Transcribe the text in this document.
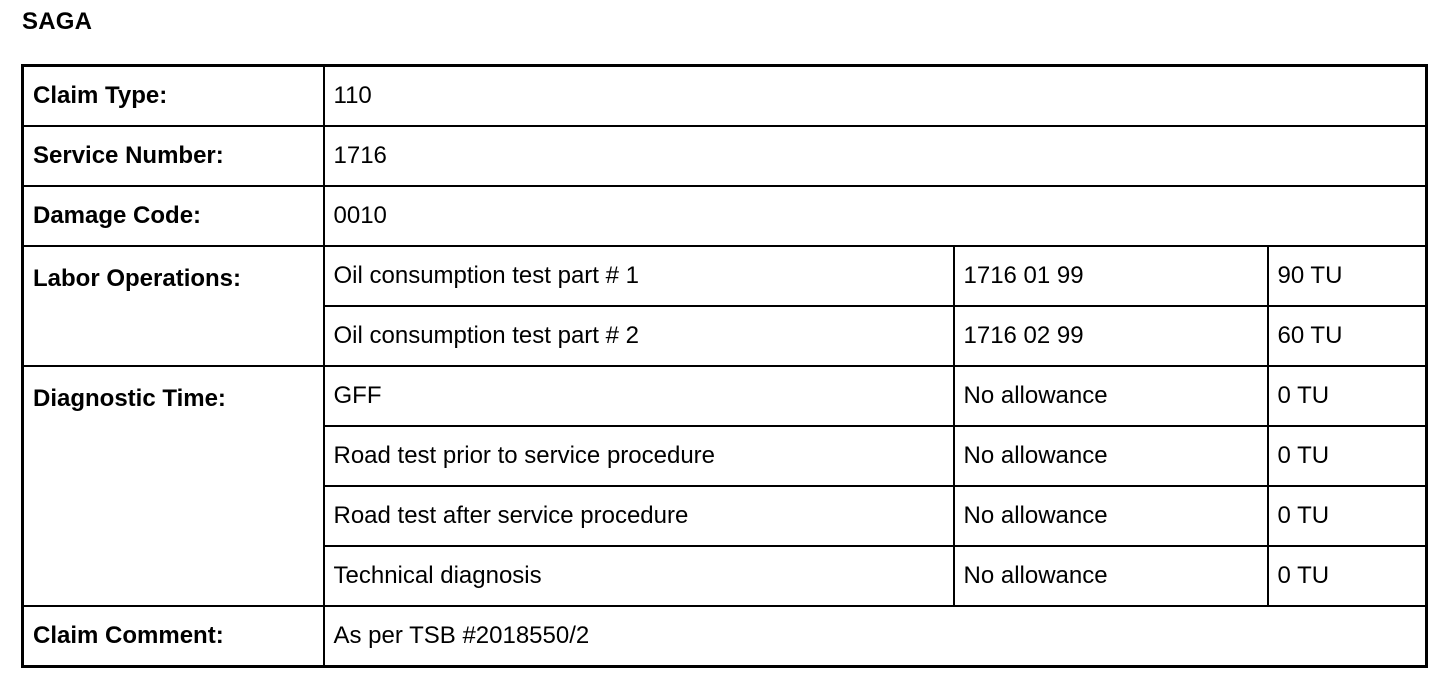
SAGA
Claim Type:	110		
Service Number:	1716		
Damage Code:	0010		
Labor Operations:	Oil consumption test part # 1	1716 01 99	90 TU
	Oil consumption test part # 2	1716 02 99	60 TU
Diagnostic Time:	GFF	No allowance	0 TU
	Road test prior to service procedure	No allowance	0 TU
	Road test after service procedure	No allowance	0 TU
	Technical diagnosis	No allowance	0 TU
Claim Comment:	As per TSB #2018550/2		
